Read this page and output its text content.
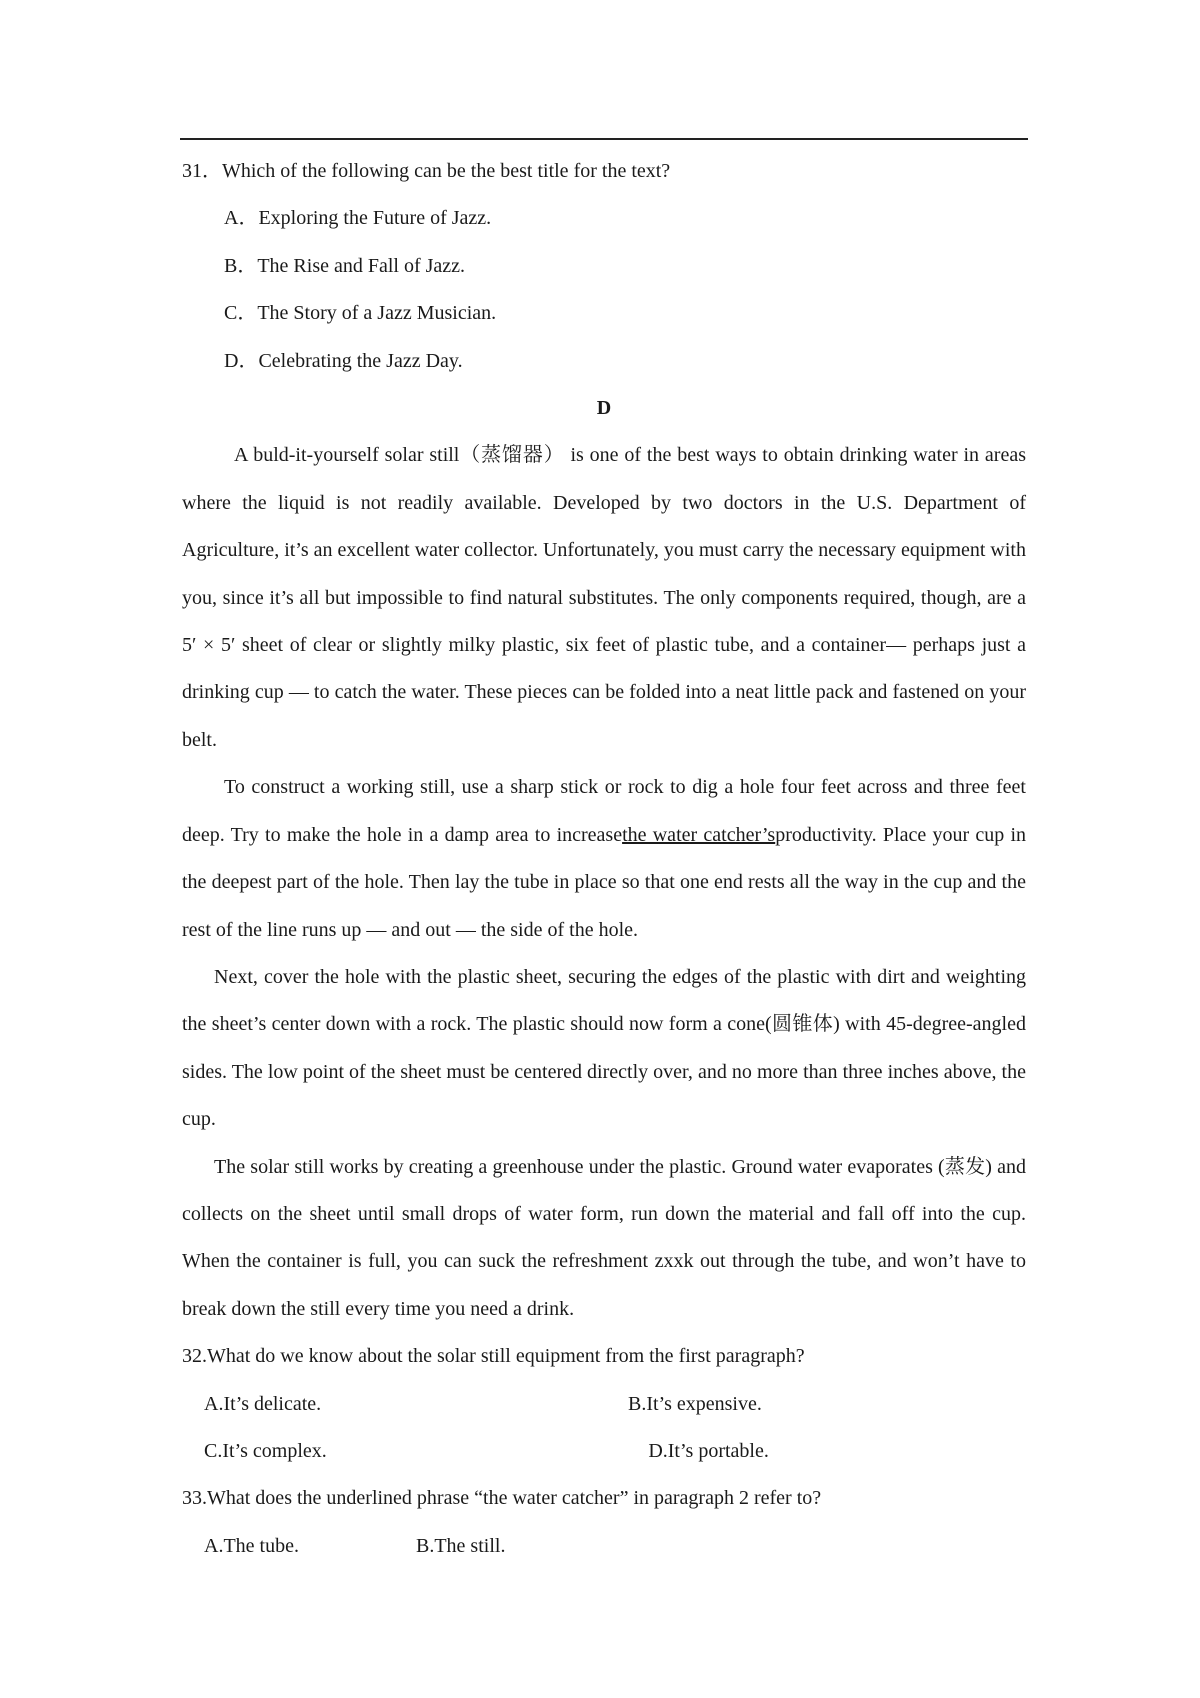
31．Which of the following can be the best title for the text?
A．Exploring the Future of Jazz.
B．The Rise and Fall of Jazz.
C．The Story of a Jazz Musician.
D．Celebrating the Jazz Day.
D

A buld-it-yourself solar still（蒸馏器） is one of the best ways to obtain drinking water in areas where the liquid is not readily available. Developed by two doctors in the U.S. Department of Agriculture, it’s an excellent water collector. Unfortunately, you must carry the necessary equipment with you, since it’s all but impossible to find natural substitutes. The only components required, though, are a 5′ × 5′ sheet of clear or slightly milky plastic, six feet of plastic tube, and a container— perhaps just a drinking cup — to catch the water. These pieces can be folded into a neat little pack and fastened on your belt.

To construct a working still, use a sharp stick or rock to dig a hole four feet across and three feet deep. Try to make the hole in a damp area to increasethe water catcher’sproductivity. Place your cup in the deepest part of the hole. Then lay the tube in place so that one end rests all the way in the cup and the rest of the line runs up — and out — the side of the hole.

Next, cover the hole with the plastic sheet, securing the edges of the plastic with dirt and weighting the sheet’s center down with a rock. The plastic should now form a cone(圆锥体) with 45-degree-angled sides. The low point of the sheet must be centered directly over, and no more than three inches above, the cup.

The solar still works by creating a greenhouse under the plastic. Ground water evaporates (蒸发) and collects on the sheet until small drops of water form, run down the material and fall off into the cup. When the container is full, you can suck the refreshment zxxk out through the tube, and won’t have to break down the still every time you need a drink.

32.What do we know about the solar still equipment from the first paragraph?
A.It’s delicate.	B.It’s expensive.
C.It’s complex.	D.It’s portable.
33.What does the underlined phrase “the water catcher” in paragraph 2 refer to?
A.The tube.	B.The still.
